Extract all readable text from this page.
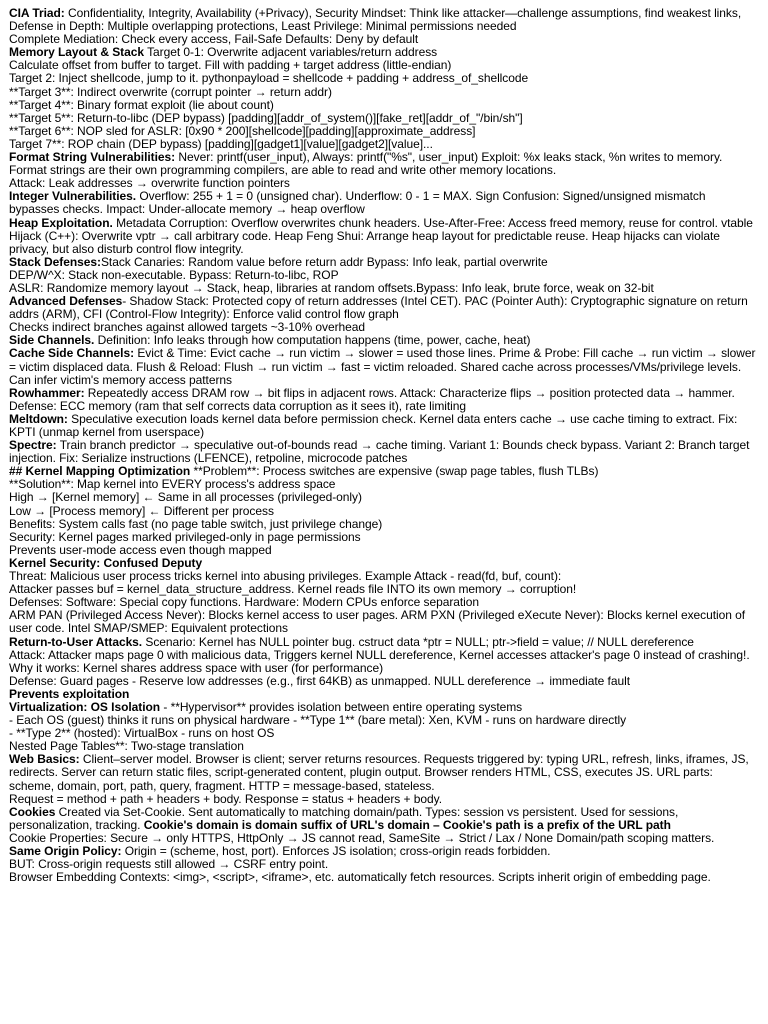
CIA Triad: Confidentiality, Integrity, Availability (+Privacy), Security Mindset: Think like attacker—challenge assumptions, find weakest links, Defense in Depth: Multiple overlapping protections, Least Privilege: Minimal permissions needed
Complete Mediation: Check every access, Fail-Safe Defaults: Deny by default
Memory Layout & Stack Target 0-1: Overwrite adjacent variables/return address
Calculate offset from buffer to target. Fill with padding + target address (little-endian)
Target 2: Inject shellcode, jump to it. pythonpayload = shellcode + padding + address_of_shellcode
**Target 3**: Indirect overwrite (corrupt pointer → return addr)
**Target 4**: Binary format exploit (lie about count)
**Target 5**: Return-to-libc (DEP bypass) [padding][addr_of_system()][fake_ret][addr_of_"/bin/sh"]
**Target 6**: NOP sled for ASLR: [0x90 * 200][shellcode][padding][approximate_address]
Target 7**: ROP chain (DEP bypass) [padding][gadget1][value][gadget2][value]...
Format String Vulnerabilities: Never: printf(user_input), Always: printf("%s", user_input) Exploit: %x leaks stack, %n writes to memory. Format strings are their own programming compilers, are able to read and write other memory locations.
Attack: Leak addresses → overwrite function pointers
Integer Vulnerabilities. Overflow: 255 + 1 = 0 (unsigned char). Underflow: 0 - 1 = MAX. Sign Confusion: Signed/unsigned mismatch bypasses checks. Impact: Under-allocate memory → heap overflow
Heap Exploitation. Metadata Corruption: Overflow overwrites chunk headers. Use-After-Free: Access freed memory, reuse for control. vtable Hijack (C++): Overwrite vptr → call arbitrary code. Heap Feng Shui: Arrange heap layout for predictable reuse. Heap hijacks can violate privacy, but also disturb control flow integrity.
Stack Defenses:Stack Canaries: Random value before return addr Bypass: Info leak, partial overwrite
DEP/W^X: Stack non-executable. Bypass: Return-to-libc, ROP
ASLR: Randomize memory layout → Stack, heap, libraries at random offsets.Bypass: Info leak, brute force, weak on 32-bit
Advanced Defenses- Shadow Stack: Protected copy of return addresses (Intel CET). PAC (Pointer Auth): Cryptographic signature on return addrs (ARM), CFI (Control-Flow Integrity): Enforce valid control flow graph
Checks indirect branches against allowed targets ~3-10% overhead
Side Channels. Definition: Info leaks through how computation happens (time, power, cache, heat)
Cache Side Channels: Evict & Time: Evict cache → run victim → slower = used those lines. Prime & Probe: Fill cache → run victim → slower = victim displaced data. Flush & Reload: Flush → run victim → fast = victim reloaded. Shared cache across processes/VMs/privilege levels. Can infer victim's memory access patterns
Rowhammer: Repeatedly access DRAM row → bit flips in adjacent rows. Attack: Characterize flips → position protected data → hammer. Defense: ECC memory (ram that self corrects data corruption as it sees it), rate limiting
Meltdown: Speculative execution loads kernel data before permission check. Kernel data enters cache → use cache timing to extract. Fix: KPTI (unmap kernel from userspace)
Spectre: Train branch predictor → speculative out-of-bounds read → cache timing. Variant 1: Bounds check bypass. Variant 2: Branch target injection. Fix: Serialize instructions (LFENCE), retpoline, microcode patches
## Kernel Mapping Optimization **Problem**: Process switches are expensive (swap page tables, flush TLBs)
**Solution**: Map kernel into EVERY process's address space
High → [Kernel memory] ← Same in all processes (privileged-only)
Low → [Process memory] ← Different per process
Benefits: System calls fast (no page table switch, just privilege change)
Security: Kernel pages marked privileged-only in page permissions
Prevents user-mode access even though mapped
Kernel Security: Confused Deputy
Threat: Malicious user process tricks kernel into abusing privileges. Example Attack - read(fd, buf, count):
Attacker passes buf = kernel_data_structure_address. Kernel reads file INTO its own memory → corruption!
Defenses: Software: Special copy functions. Hardware: Modern CPUs enforce separation
ARM PAN (Privileged Access Never): Blocks kernel access to user pages. ARM PXN (Privileged eXecute Never): Blocks kernel execution of user code. Intel SMAP/SMEP: Equivalent protections
Return-to-User Attacks. Scenario: Kernel has NULL pointer bug. cstruct data *ptr = NULL; ptr->field = value; // NULL dereference
Attack: Attacker maps page 0 with malicious data, Triggers kernel NULL dereference, Kernel accesses attacker's page 0 instead of crashing!. Why it works: Kernel shares address space with user (for performance)
Defense: Guard pages - Reserve low addresses (e.g., first 64KB) as unmapped. NULL dereference → immediate fault
Prevents exploitation
Virtualization: OS Isolation - **Hypervisor** provides isolation between entire operating systems
- Each OS (guest) thinks it runs on physical hardware - **Type 1** (bare metal): Xen, KVM - runs on hardware directly
- **Type 2** (hosted): VirtualBox - runs on host OS
Nested Page Tables**: Two-stage translation
Web Basics: Client–server model. Browser is client; server returns resources. Requests triggered by: typing URL, refresh, links, iframes, JS, redirects. Server can return static files, script-generated content, plugin output. Browser renders HTML, CSS, executes JS. URL parts: scheme, domain, port, path, query, fragment. HTTP = message-based, stateless.
Request = method + path + headers + body. Response = status + headers + body.
Cookies Created via Set-Cookie. Sent automatically to matching domain/path. Types: session vs persistent. Used for sessions, personalization, tracking. Cookie's domain is domain suffix of URL's domain – Cookie's path is a prefix of the URL path
Cookie Properties: Secure → only HTTPS, HttpOnly → JS cannot read, SameSite → Strict / Lax / None Domain/path scoping matters.
Same Origin Policy: Origin = (scheme, host, port). Enforces JS isolation; cross-origin reads forbidden.
BUT: Cross-origin requests still allowed → CSRF entry point.
Browser Embedding Contexts: <img>, <script>, <iframe>, etc. automatically fetch resources. Scripts inherit origin of embedding page.
